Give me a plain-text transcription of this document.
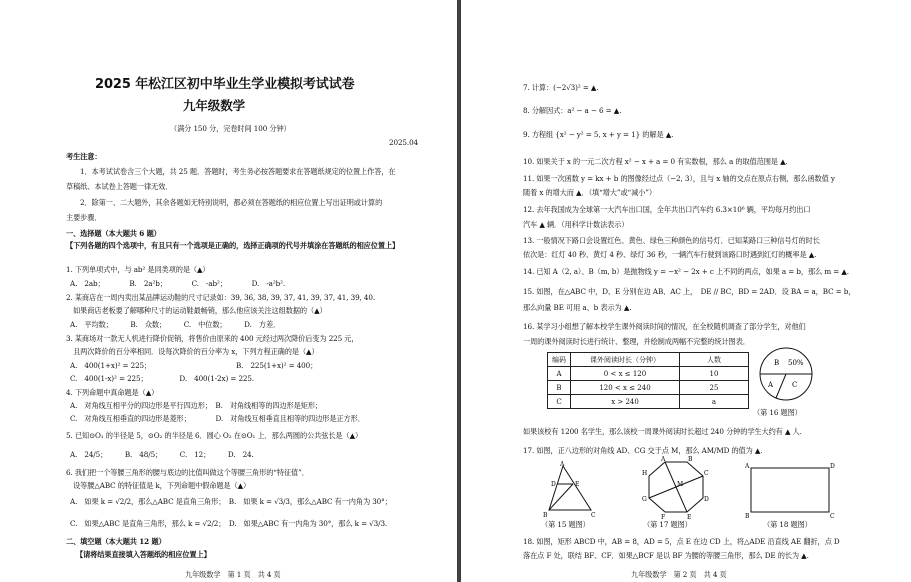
2025 年松江区初中毕业生学业模拟考试试卷
九年级数学
（满分 150 分，完卷时间 100 分钟）
2025.04
考生注意：
1．本考试试卷含三个大题，共 25 题．答题时，考生务必按答题要求在答题纸规定的位置上作答，在
草稿纸、本试卷上答题一律无效．
2．除第一、二大题外，其余各题如无特别说明，都必须在答题纸的相应位置上写出证明或计算的
主要步骤．
一、选择题（本大题共 6 题）
【下列各题的四个选项中，有且只有一个选项是正确的，选择正确项的代号并填涂在答题纸的相应位置上】
1. 下列单项式中，与 ab² 是同类项的是（▲）
A.　2ab；　　　　B.　2a²b；　　　　C.　-ab²；　　　　D.　-a²b².
2. 某商店在一周内卖出某品牌运动鞋的尺寸记录如：39, 36, 38, 39, 37, 41, 39, 37, 41, 39, 40.
　如果商店老板要了解哪种尺寸的运动鞋最畅销，那么他应该关注这组数据的（▲）
A.　平均数；　　　B.　众数；　　　C.　中位数；　　　D.　方差．
3. 某商场对一款无人机进行降价促销，将售价由原来的 400 元经过两次降价后变为 225 元，
　且两次降价的百分率相同．设每次降价的百分率为 x，下列方程正确的是（▲）
A.　400(1+x)² = 225；	B.　225(1+x)² = 400；
C.　400(1-x)² = 225；　　　　　D.　400(1-2x) = 225.
4. 下列命题中真命题是（▲）
A.　对角线互相平分的四边形是平行四边形；　B.　对角线相等的四边形是矩形；
C.　对角线互相垂直的四边形是菱形；　　　　D.　对角线互相垂直且相等的四边形是正方形．
5. 已知⊙O₁ 的半径是 5，⊙O₂ 的半径是 6．圆心 O₂ 在⊙O₁ 上．那么两圆的公共弦长是（▲）
A.　24/5；　　　B.　48/5；　　　C.　12；　　　D.　24.
6. 我们把一个等腰三角形的腰与底边的比值叫做这个等腰三角形的“特征值”．
　设等腰△ABC 的特征值是 k，下列命题中假命题是（▲）
A.　如果 k = √2/2，那么△ABC 是直角三角形；　B.　如果 k = √3/3，那么△ABC 有一内角为 30°；
C.　如果△ABC 是直角三角形，那么 k = √2/2；　D.　如果△ABC 有一内角为 30°，那么 k = √3/3.
二、填空题（本大题共 12 题）
【请将结果直接填入答题纸的相应位置上】
九年级数学　第 1 页　共 4 页
7. 计算：(−2√3)² = ▲.
8. 分解因式：a² − a − 6 = ▲.
9. 方程组 {x² − y² = 5, x + y = 1} 的解是 ▲.
10. 如果关于 x 的一元二次方程 x² − x + a = 0 有实数根，那么 a 的取值范围是 ▲.
11. 如果一次函数 y = kx + b 的图像经过点（−2, 3），且与 x 轴的交点在原点右侧，那么函数值 y
随着 x 的增大而 ▲．（填“增大”或“减小”）
12. 去年我国成为全球第一大汽车出口国，全年共出口汽车约 6.3×10⁶ 辆，平均每月约出口
汽车 ▲ 辆．（用科学计数法表示）
13. 一般情况下路口会设置红色、黄色、绿色三种颜色的信号灯．已知某路口三种信号灯的时长
依次是：红灯 40 秒、黄灯 4 秒、绿灯 36 秒，一辆汽车行驶到该路口时遇到红灯的概率是 ▲.
14. 已知 A（2, a）、B（m, b）是抛物线 y = −x² − 2x + c 上不同的两点，如果 a = b，那么 m = ▲.
15. 如图，在△ABC 中，D、E 分别在边 AB、AC 上，　DE // BC，BD = 2AD．设 BA = a，BC = b，
那么向量 BE 可用 a、b 表示为 ▲.
16. 某学习小组想了解本校学生课外阅读时间的情况，在全校随机调查了部分学生，对他们
一周的课外阅读时长进行统计、整理，并绘制成两幅不完整的统计图表．
编码	课外阅读时长（分钟）	人数
A	0 < x ≤ 120	10
B	120 < x ≤ 240	25
C	x > 240	a
B 50%
A	C
（第 16 题图）
如果该校有 1200 名学生，那么该校一周课外阅读时长超过 240 分钟的学生大约有 ▲ 人.
17. 如图，正八边形的对角线 AD、CG 交于点 M，那么 AM/MD 的值为 ▲.
A
D	E
B	C
（第 15 题图）
A	B
C
D
M
G
H
E
F
（第 17 题图）
A	D
B	C
（第 18 题图）
18. 如图，矩形 ABCD 中，AB = 8，AD = 5，点 E 在边 CD 上，将△ADE 沿直线 AE 翻折，点 D
落在点 F 处，联结 BF、CF．如果△BCF 是以 BF 为腰的等腰三角形，那么 DE 的长为 ▲.
九年级数学　第 2 页　共 4 页
